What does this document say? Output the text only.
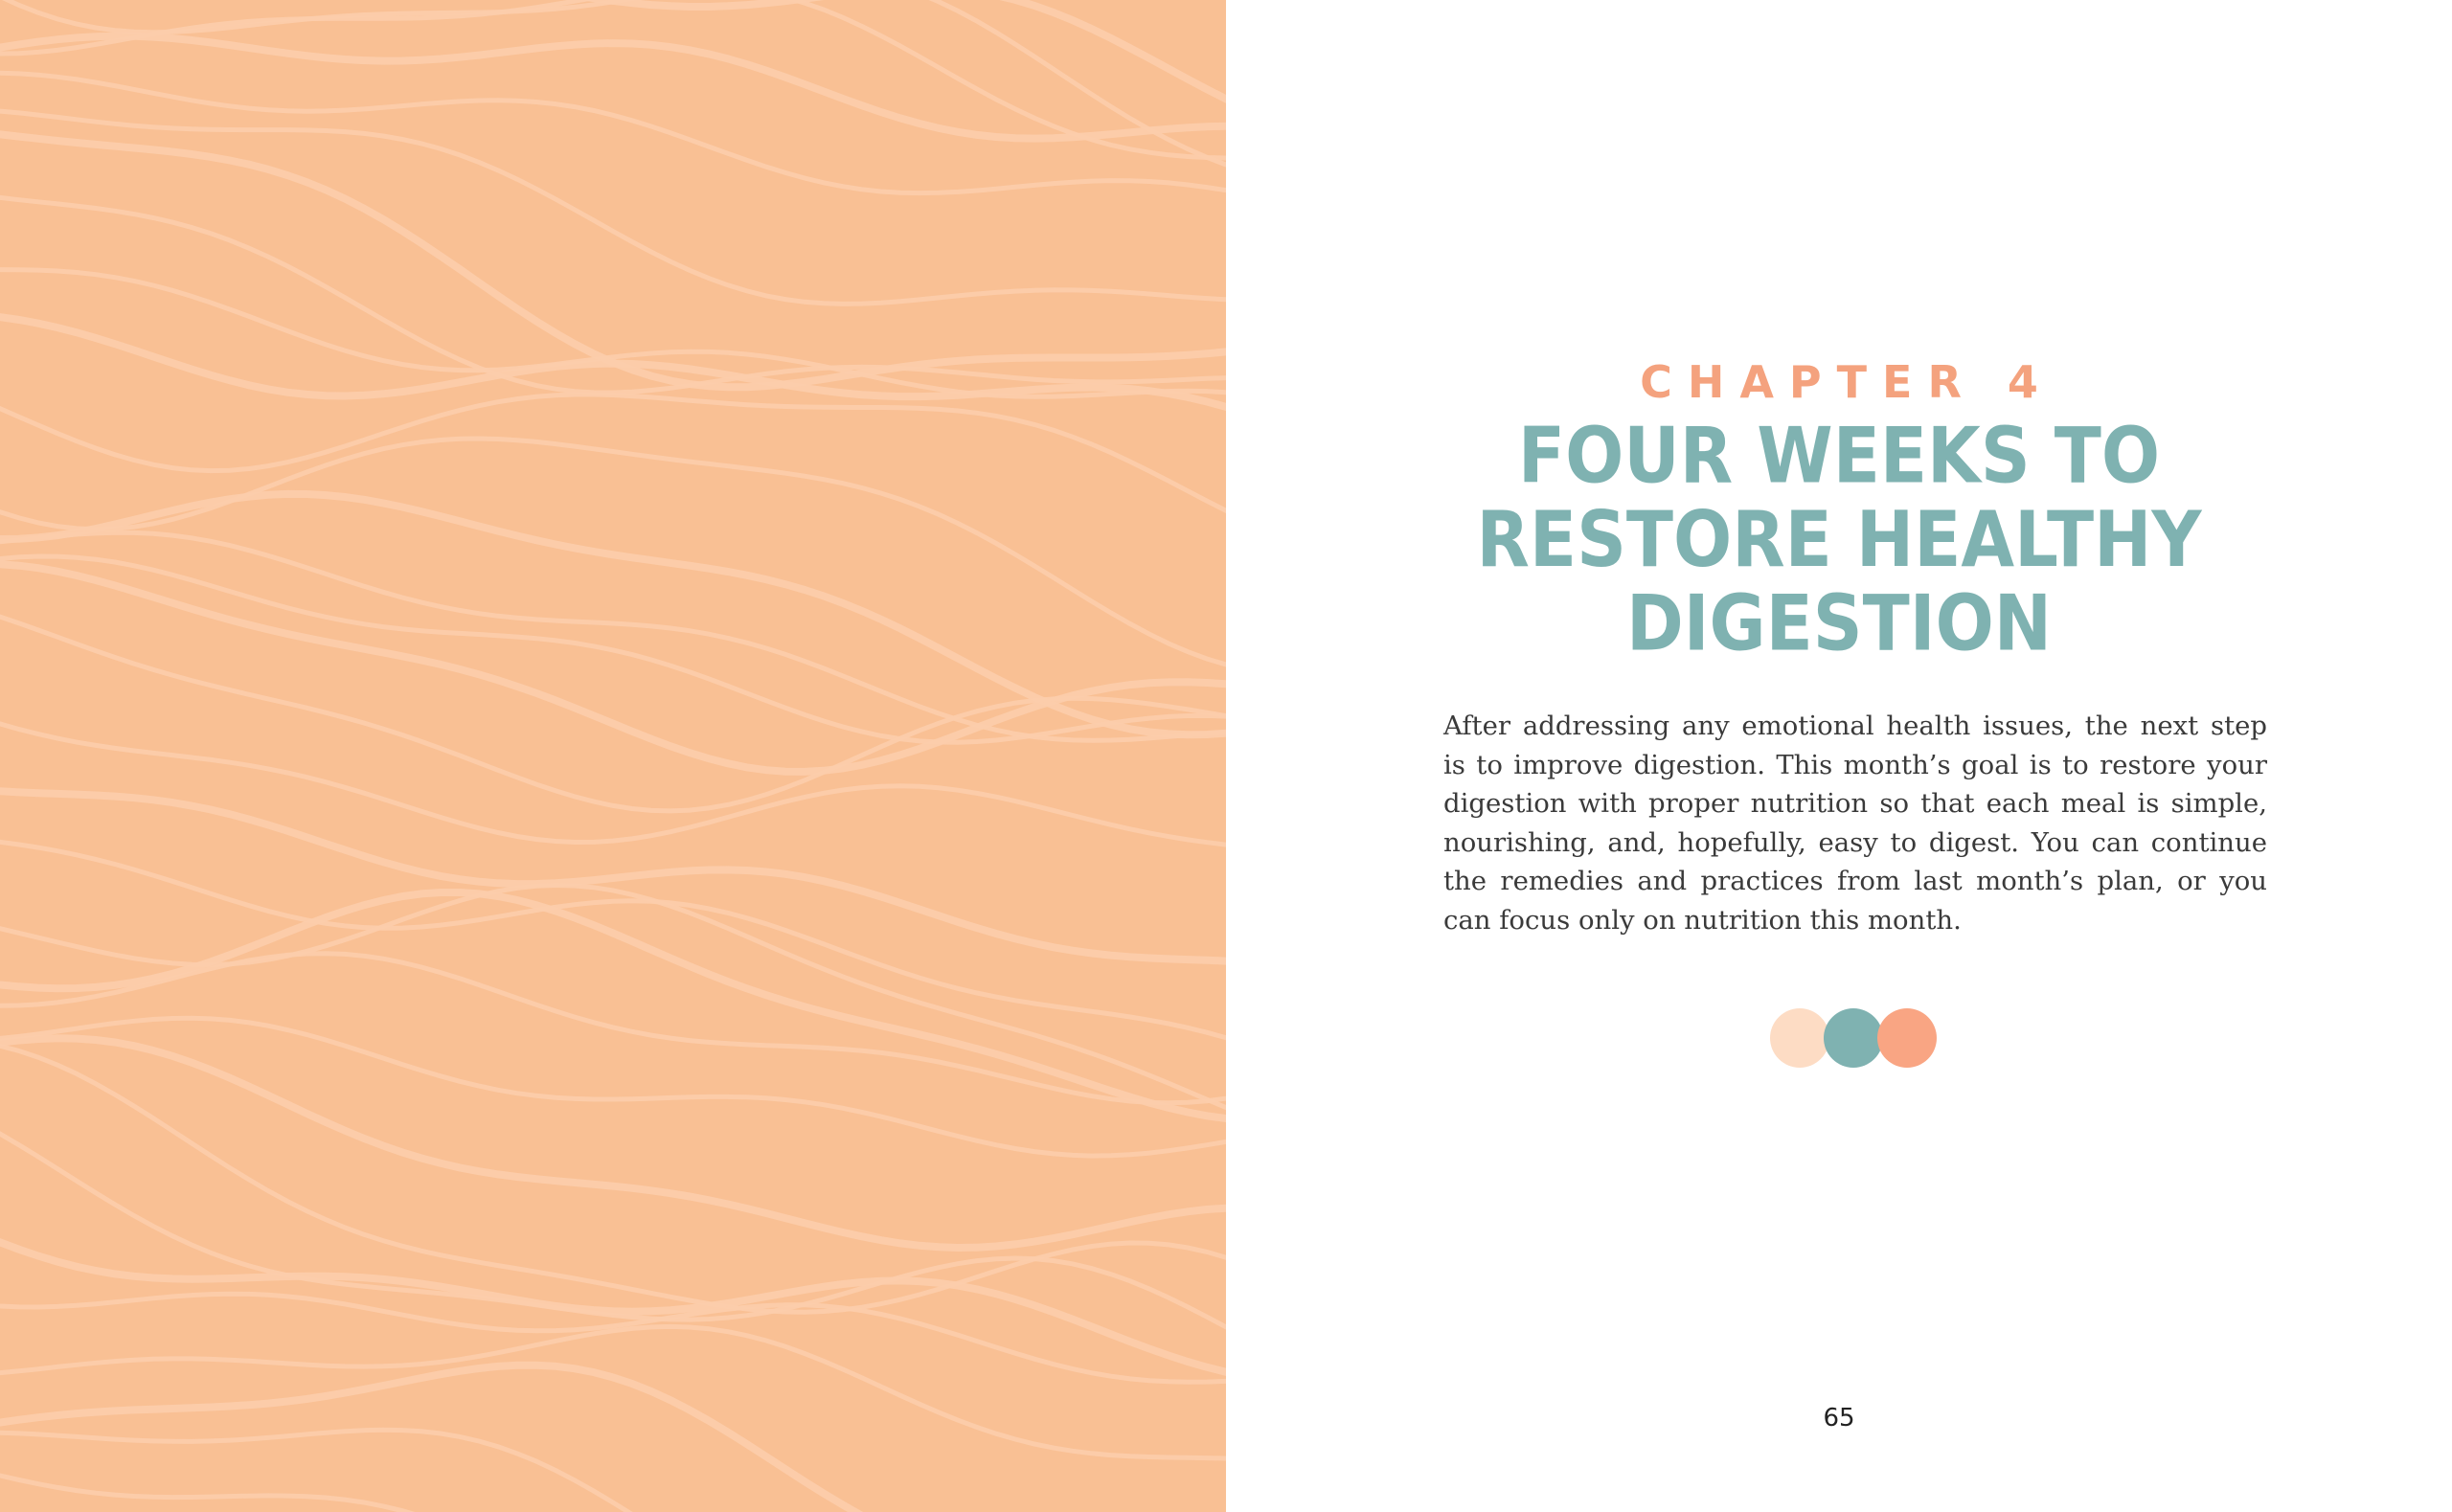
CHAPTER 4
FOUR WEEKS TO
RESTORE HEALTHY
DIGESTION

After addressing any emotional health issues, the next step
is to improve digestion. This month’s goal is to restore your
digestion with proper nutrition so that each meal is simple,
nourishing, and, hopefully, easy to digest. You can continue
the remedies and practices from last month’s plan, or you
can focus only on nutrition this month.

65
